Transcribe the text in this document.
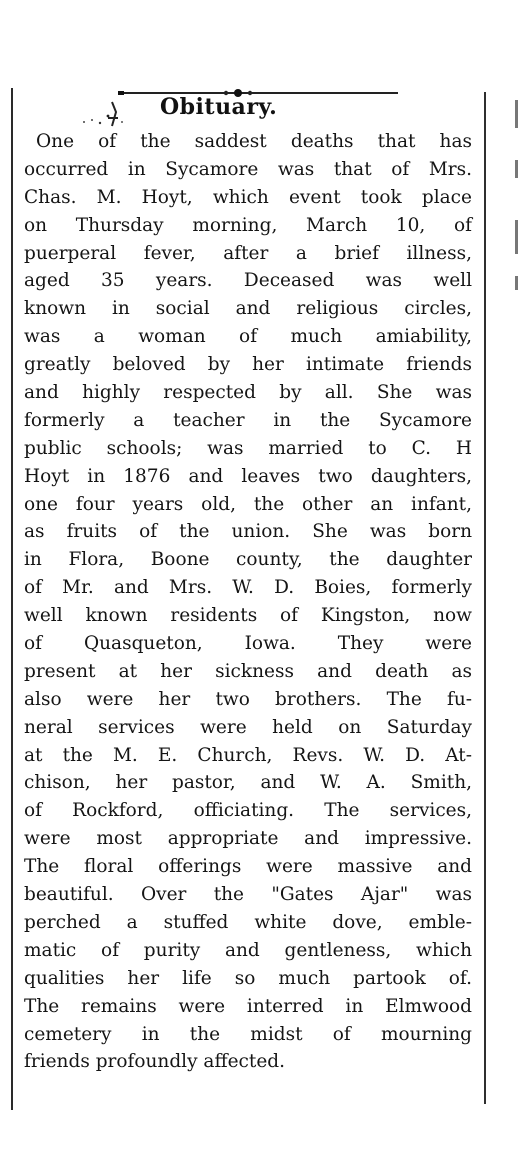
Obituary.
One of the saddest deaths that has
occurred in Sycamore was that of Mrs.
Chas. M. Hoyt, which event took place
on Thursday morning, March 10, of
puerperal fever, after a brief illness,
aged 35 years. Deceased was well
known in social and religious circles,
was a woman of much amiability,
greatly beloved by her intimate friends
and highly respected by all. She was
formerly a teacher in the Sycamore
public schools; was married to C. H
Hoyt in 1876 and leaves two daughters,
one four years old, the other an infant,
as fruits of the union. She was born
in Flora, Boone county, the daughter
of Mr. and Mrs. W. D. Boies, formerly
well known residents of Kingston, now
of Quasqueton, Iowa. They were
present at her sickness and death as
also were her two brothers. The fu-
neral services were held on Saturday
at the M. E. Church, Revs. W. D. At-
chison, her pastor, and W. A. Smith,
of Rockford, officiating. The services,
were most appropriate and impressive.
The floral offerings were massive and
beautiful. Over the "Gates Ajar" was
perched a stuffed white dove, emble-
matic of purity and gentleness, which
qualities her life so much partook of.
The remains were interred in Elmwood
cemetery in the midst of mourning
friends profoundly affected.
